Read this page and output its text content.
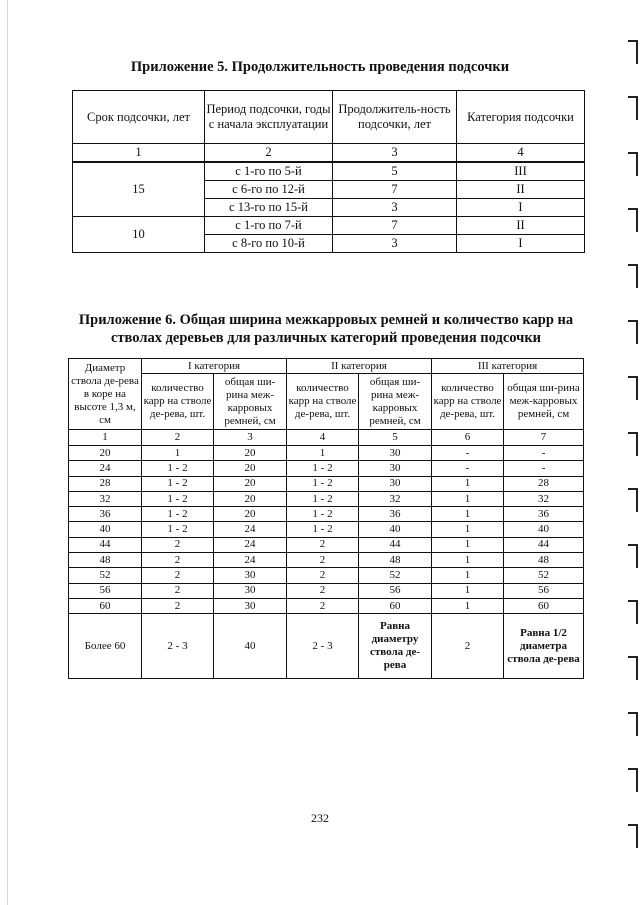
Приложение 5. Продолжительность проведения подсочки
Срок подсочки, лет	Период подсочки, годы с начала эксплуатации	Продолжитель-ность подсочки, лет	Категория подсочки
1	2	3	4
15	с 1-го по 5-й	5	III
	с 6-го по 12-й	7	II
	с 13-го по 15-й	3	I
10	с 1-го по 7-й	7	II
	с 8-го по 10-й	3	I
Приложение 6. Общая ширина межкарровых ремней и количество карр на стволах деревьев для различных категорий проведения подсочки
Диаметр ствола де-рева в коре на высоте 1,3 м, см	I категория		II категория		III категория	
	количество карр на стволе де-рева, шт.	общая ши-рина меж-карровых ремней, см	количество карр на стволе де-рева, шт.	общая ши-рина меж-карровых ремней, см	количество карр на стволе де-рева, шт.	общая ши-рина меж-карровых ремней, см
1	2	3	4	5	6	7
20	1	20	1	30	-	-
24	1 - 2	20	1 - 2	30	-	-
28	1 - 2	20	1 - 2	30	1	28
32	1 - 2	20	1 - 2	32	1	32
36	1 - 2	20	1 - 2	36	1	36
40	1 - 2	24	1 - 2	40	1	40
44	2	24	2	44	1	44
48	2	24	2	48	1	48
52	2	30	2	52	1	52
56	2	30	2	56	1	56
60	2	30	2	60	1	60
Более 60	2 - 3	40	2 - 3	Равна диаметру ствола де-рева	2	Равна 1/2 диаметра ствола де-рева
232
